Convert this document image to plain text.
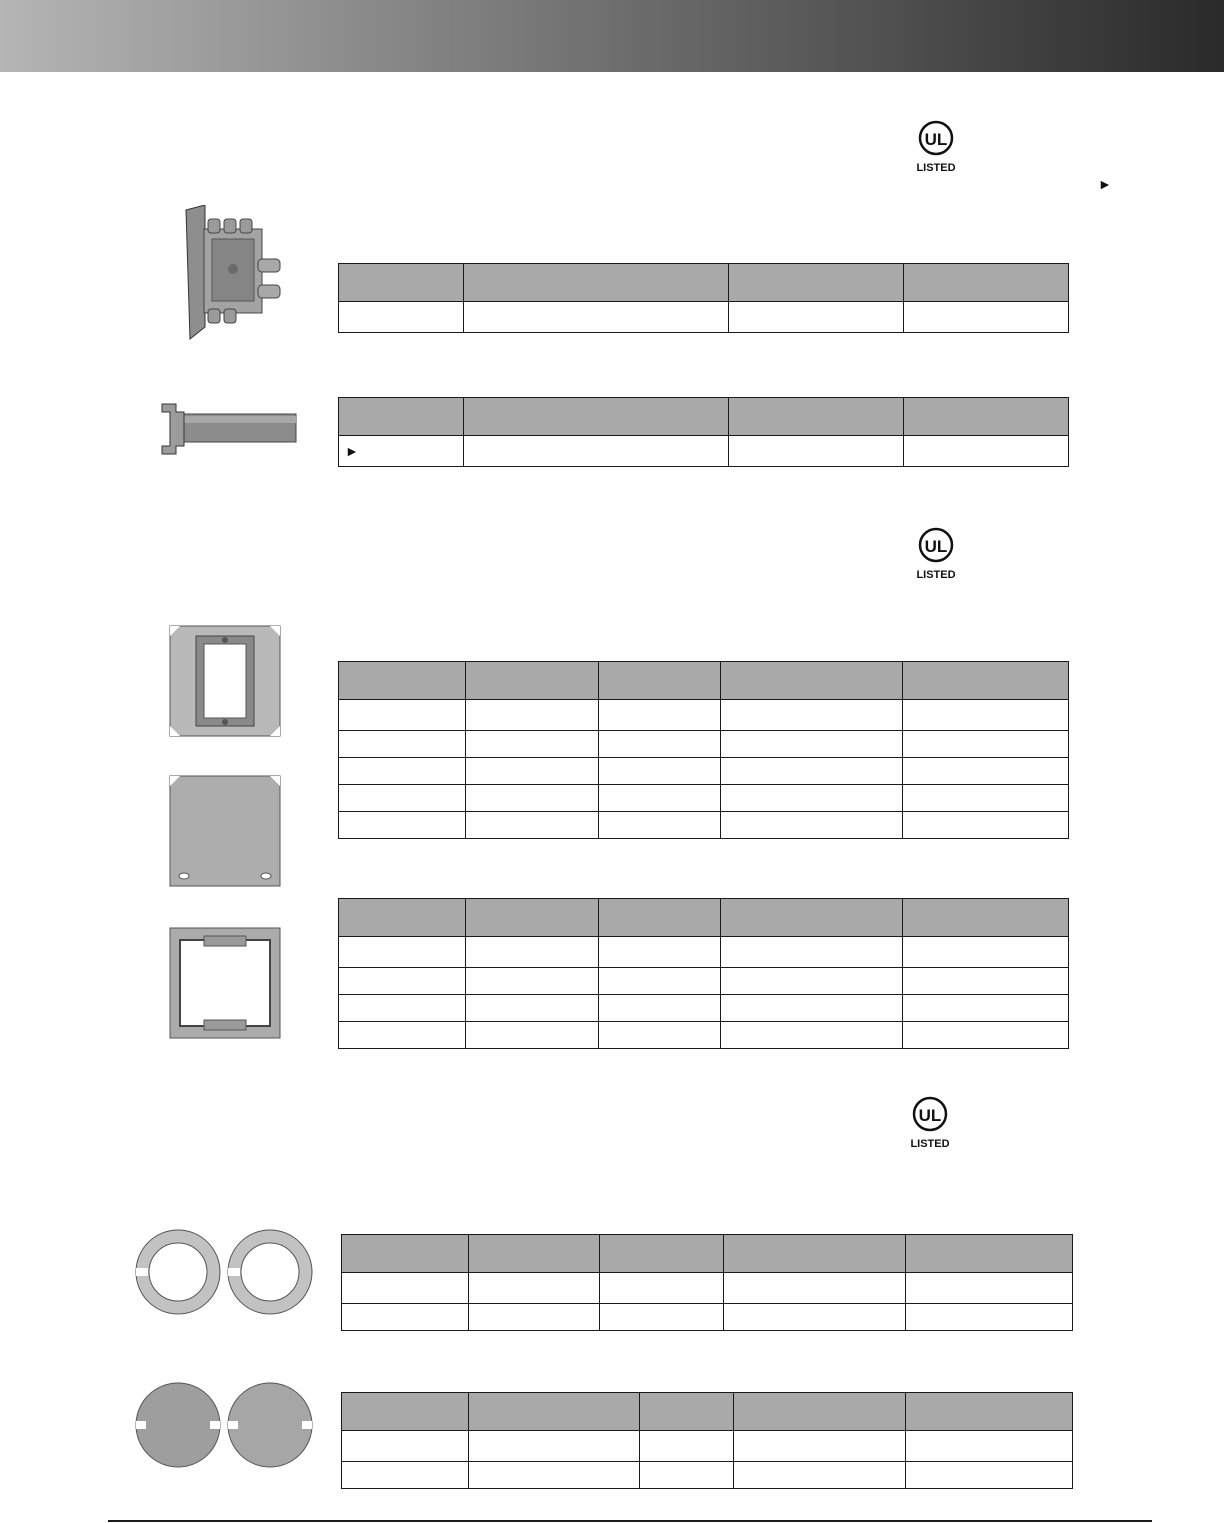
UL
LISTED
UL
LISTED
UL
LISTED
►

►			
